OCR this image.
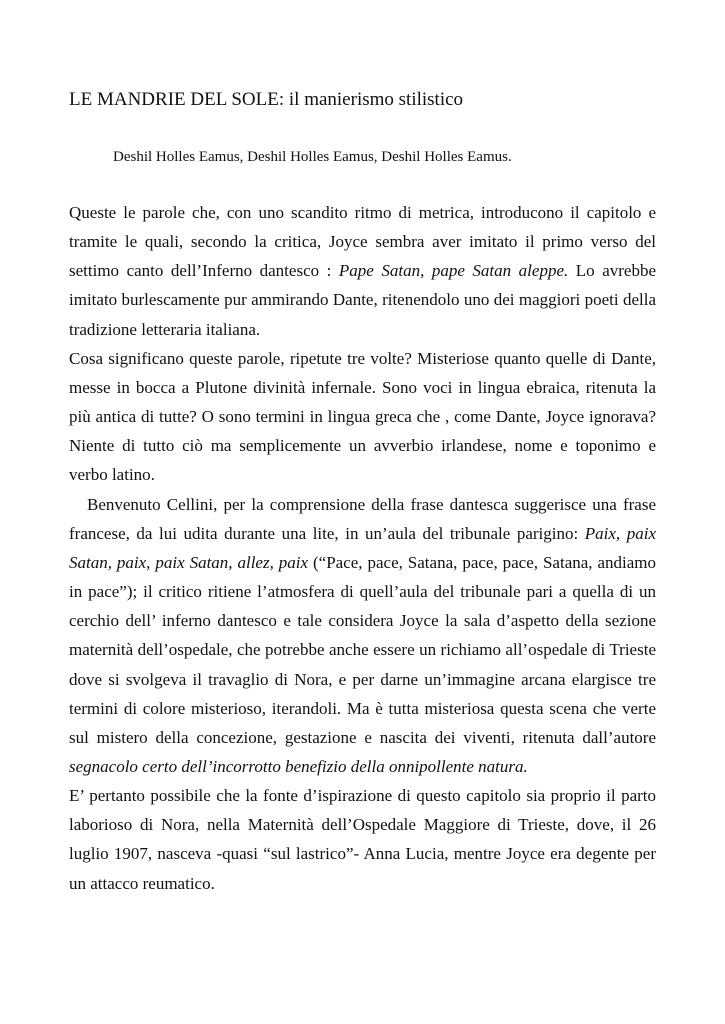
LE MANDRIE DEL SOLE: il manierismo stilistico
Deshil Holles Eamus, Deshil Holles Eamus, Deshil Holles Eamus.

Queste le parole che, con uno scandito ritmo di metrica, introducono il capitolo e tramite le quali, secondo la critica, Joyce sembra aver imitato il primo verso del settimo canto dell’Inferno dantesco : Pape Satan, pape Satan aleppe. Lo avrebbe imitato burlescamente pur ammirando Dante, ritenendolo uno dei maggiori poeti della tradizione letteraria italiana.

Cosa significano queste parole, ripetute tre volte? Misteriose quanto quelle di Dante, messe in bocca a Plutone divinità infernale. Sono voci in lingua ebraica, ritenuta la più antica di tutte? O sono termini in lingua greca che , come Dante, Joyce ignorava? Niente di tutto ciò ma semplicemente un avverbio irlandese, nome e toponimo e verbo latino.

Benvenuto Cellini, per la comprensione della frase dantesca suggerisce una frase francese, da lui udita durante una lite, in un’aula del tribunale parigino: Paix, paix Satan, paix, paix Satan, allez, paix (“Pace, pace, Satana, pace, pace, Satana, andiamo in pace”); il critico ritiene l’atmosfera di quell’aula del tribunale pari a quella di un cerchio dell’ inferno dantesco e tale considera Joyce la sala d’aspetto della sezione maternità dell’ospedale, che potrebbe anche essere un richiamo all’ospedale di Trieste dove si svolgeva il travaglio di Nora, e per darne un’immagine arcana elargisce tre termini di colore misterioso, iterandoli. Ma è tutta misteriosa questa scena che verte sul mistero della concezione, gestazione e nascita dei viventi, ritenuta dall’autore segnacolo certo dell’incorrotto benefizio della onnipollente natura.

E’ pertanto possibile che la fonte d’ispirazione di questo capitolo sia proprio il parto laborioso di Nora, nella Maternità dell’Ospedale Maggiore di Trieste, dove, il 26 luglio 1907, nasceva -quasi “sul lastrico”- Anna Lucia, mentre Joyce era degente per un attacco reumatico.
